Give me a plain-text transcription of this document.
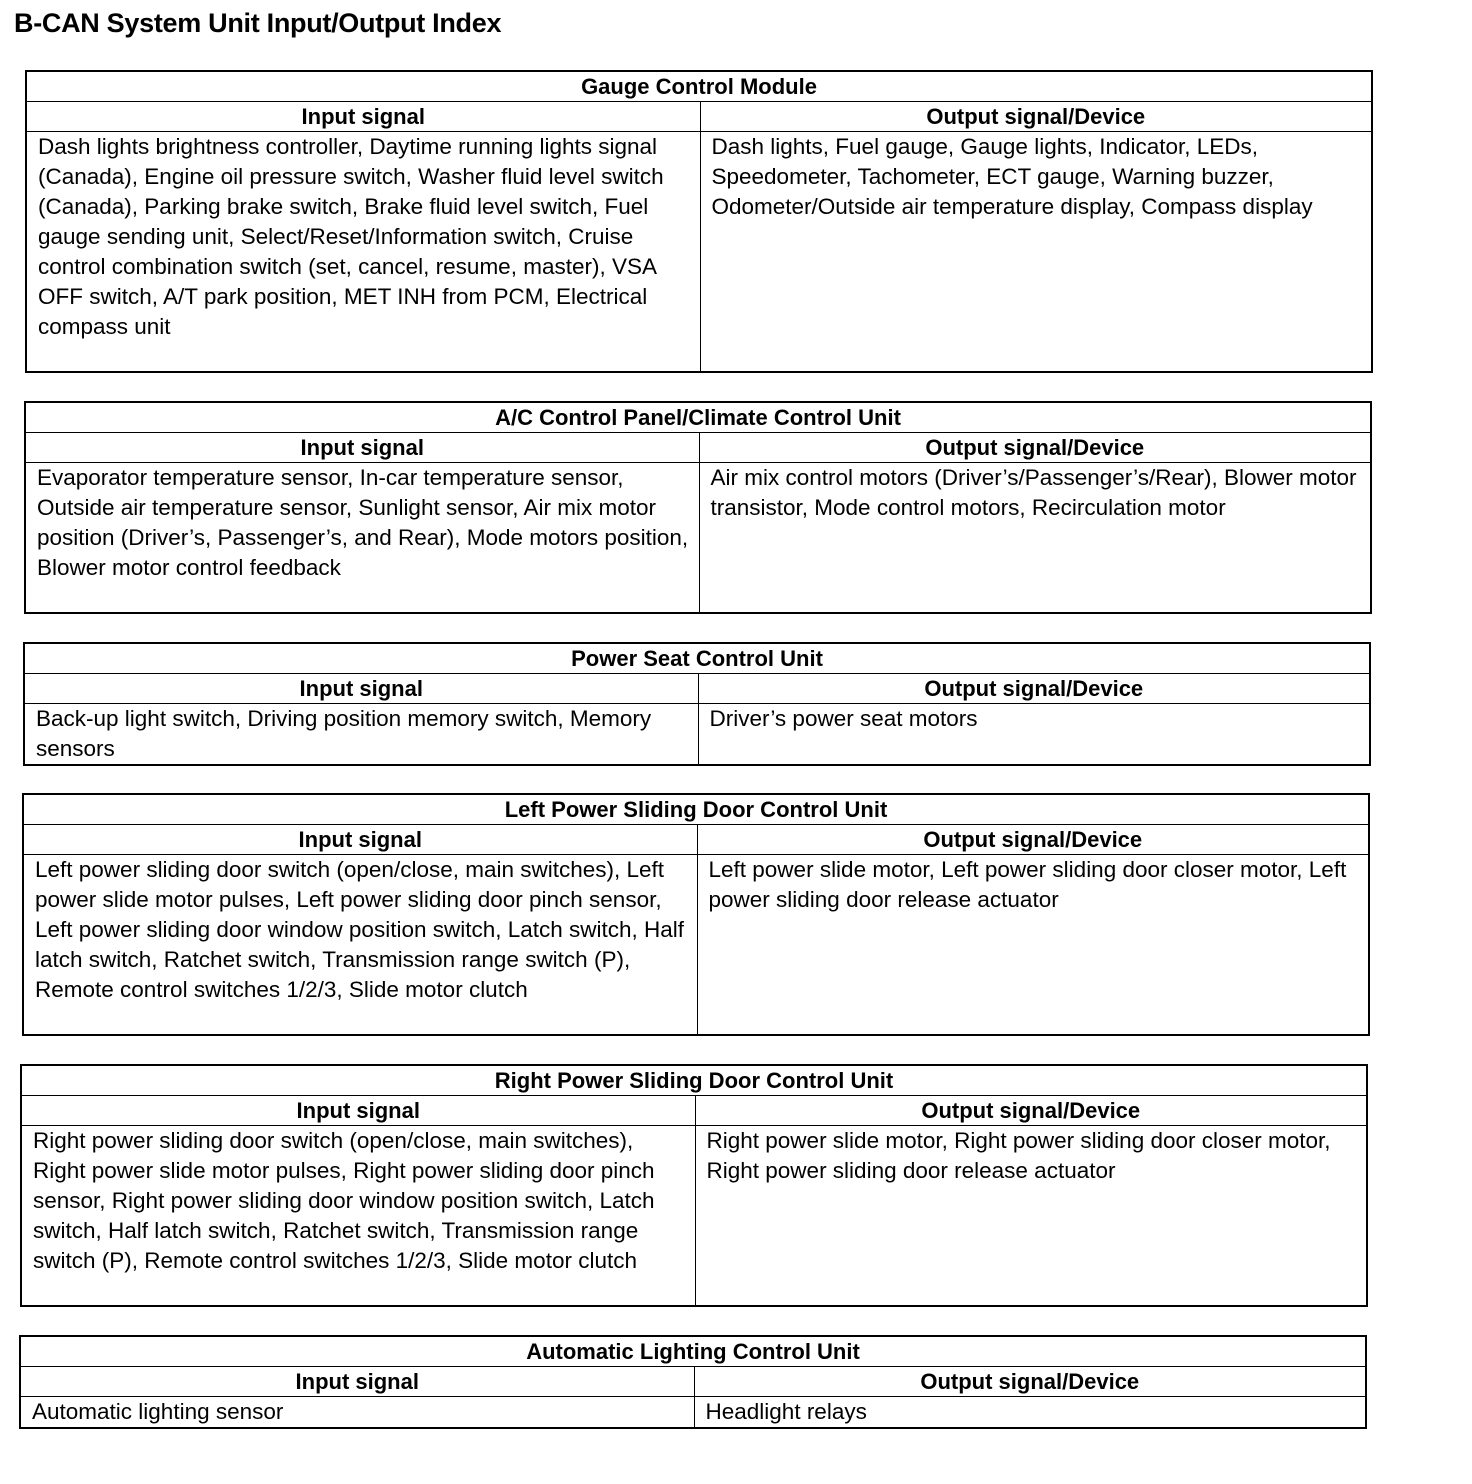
B-CAN System Unit Input/Output Index
Gauge Control Module	
Input signal	Output signal/Device

Dash lights brightness controller, Daytime running lights signal (Canada), Engine oil pressure switch, Washer fluid level switch (Canada), Parking brake switch, Brake fluid level switch, Fuel gauge sending unit, Select/Reset/Information switch, Cruise control combination switch (set, cancel, resume, master), VSA OFF switch, A/T park position, MET INH from PCM, Electrical compass unit	Dash lights, Fuel gauge, Gauge lights, Indicator, LEDs, Speedometer, Tachometer, ECT gauge, Warning buzzer, Odometer/Outside air temperature display, Compass display
A/C Control Panel/Climate Control Unit	
Input signal	Output signal/Device

Evaporator temperature sensor, In-car temperature sensor, Outside air temperature sensor, Sunlight sensor, Air mix motor position (Driver’s, Passenger’s, and Rear), Mode motors position, Blower motor control feedback	Air mix control motors (Driver’s/Passenger’s/Rear), Blower motor transistor, Mode control motors, Recirculation motor
Power Seat Control Unit	
Input signal	Output signal/Device

Back-up light switch, Driving position memory switch, Memory sensors	Driver’s power seat motors
Left Power Sliding Door Control Unit	
Input signal	Output signal/Device

Left power sliding door switch (open/close, main switches), Left power slide motor pulses, Left power sliding door pinch sensor, Left power sliding door window position switch, Latch switch, Half latch switch, Ratchet switch, Transmission range switch (P), Remote control switches 1/2/3, Slide motor clutch	Left power slide motor, Left power sliding door closer motor, Left power sliding door release actuator
Right Power Sliding Door Control Unit	
Input signal	Output signal/Device

Right power sliding door switch (open/close, main switches), Right power slide motor pulses, Right power sliding door pinch sensor, Right power sliding door window position switch, Latch switch, Half latch switch, Ratchet switch, Transmission range switch (P), Remote control switches 1/2/3, Slide motor clutch	Right power slide motor, Right power sliding door closer motor, Right power sliding door release actuator
Automatic Lighting Control Unit	
Input signal	Output signal/Device

Automatic lighting sensor	Headlight relays
